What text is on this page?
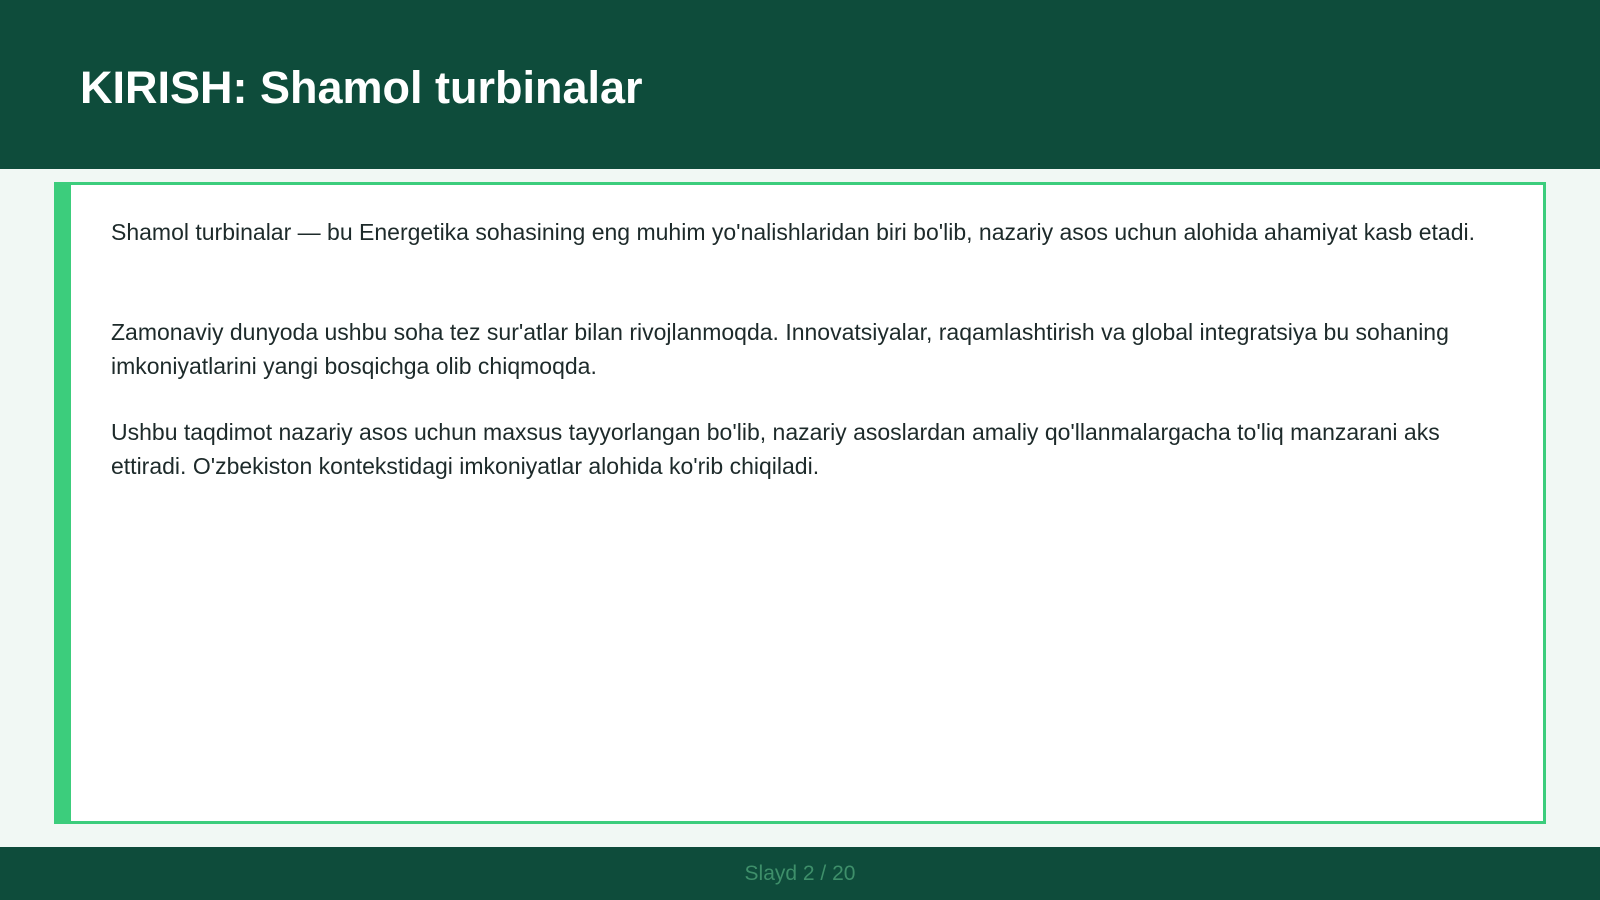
KIRISH: Shamol turbinalar

Shamol turbinalar — bu Energetika sohasining eng muhim yo'nalishlaridan biri bo'lib, nazariy asos uchun alohida ahamiyat kasb etadi.

Zamonaviy dunyoda ushbu soha tez sur'atlar bilan rivojlanmoqda. Innovatsiyalar, raqamlashtirish va global integratsiya bu sohaning imkoniyatlarini yangi bosqichga olib chiqmoqda.

Ushbu taqdimot nazariy asos uchun maxsus tayyorlangan bo'lib, nazariy asoslardan amaliy qo'llanmalargacha to'liq manzarani aks ettiradi. O'zbekiston kontekstidagi imkoniyatlar alohida ko'rib chiqiladi.

Slayd 2 / 20
